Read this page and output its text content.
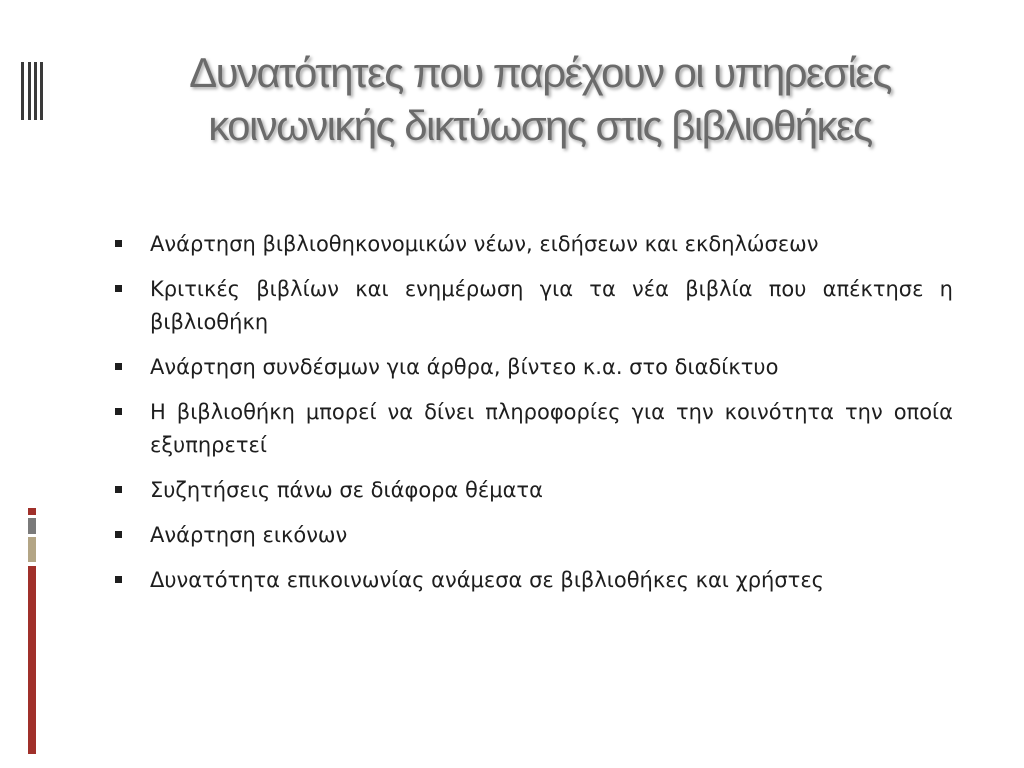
Δυνατότητες που παρέχουν οι υπηρεσίες
κοινωνικής δικτύωσης στις βιβλιοθήκες
Ανάρτηση βιβλιοθηκονομικών νέων, ειδήσεων και εκδηλώσεων
Κριτικές βιβλίων και ενημέρωση για τα νέα βιβλία που απέκτησε η βιβλιοθήκη
Ανάρτηση συνδέσμων για άρθρα, βίντεο κ.α. στο διαδίκτυο
Η βιβλιοθήκη μπορεί να δίνει πληροφορίες για την κοινότητα την οποία εξυπηρετεί
Συζητήσεις πάνω σε διάφορα θέματα
Ανάρτηση εικόνων
Δυνατότητα επικοινωνίας ανάμεσα σε βιβλιοθήκες και χρήστες
